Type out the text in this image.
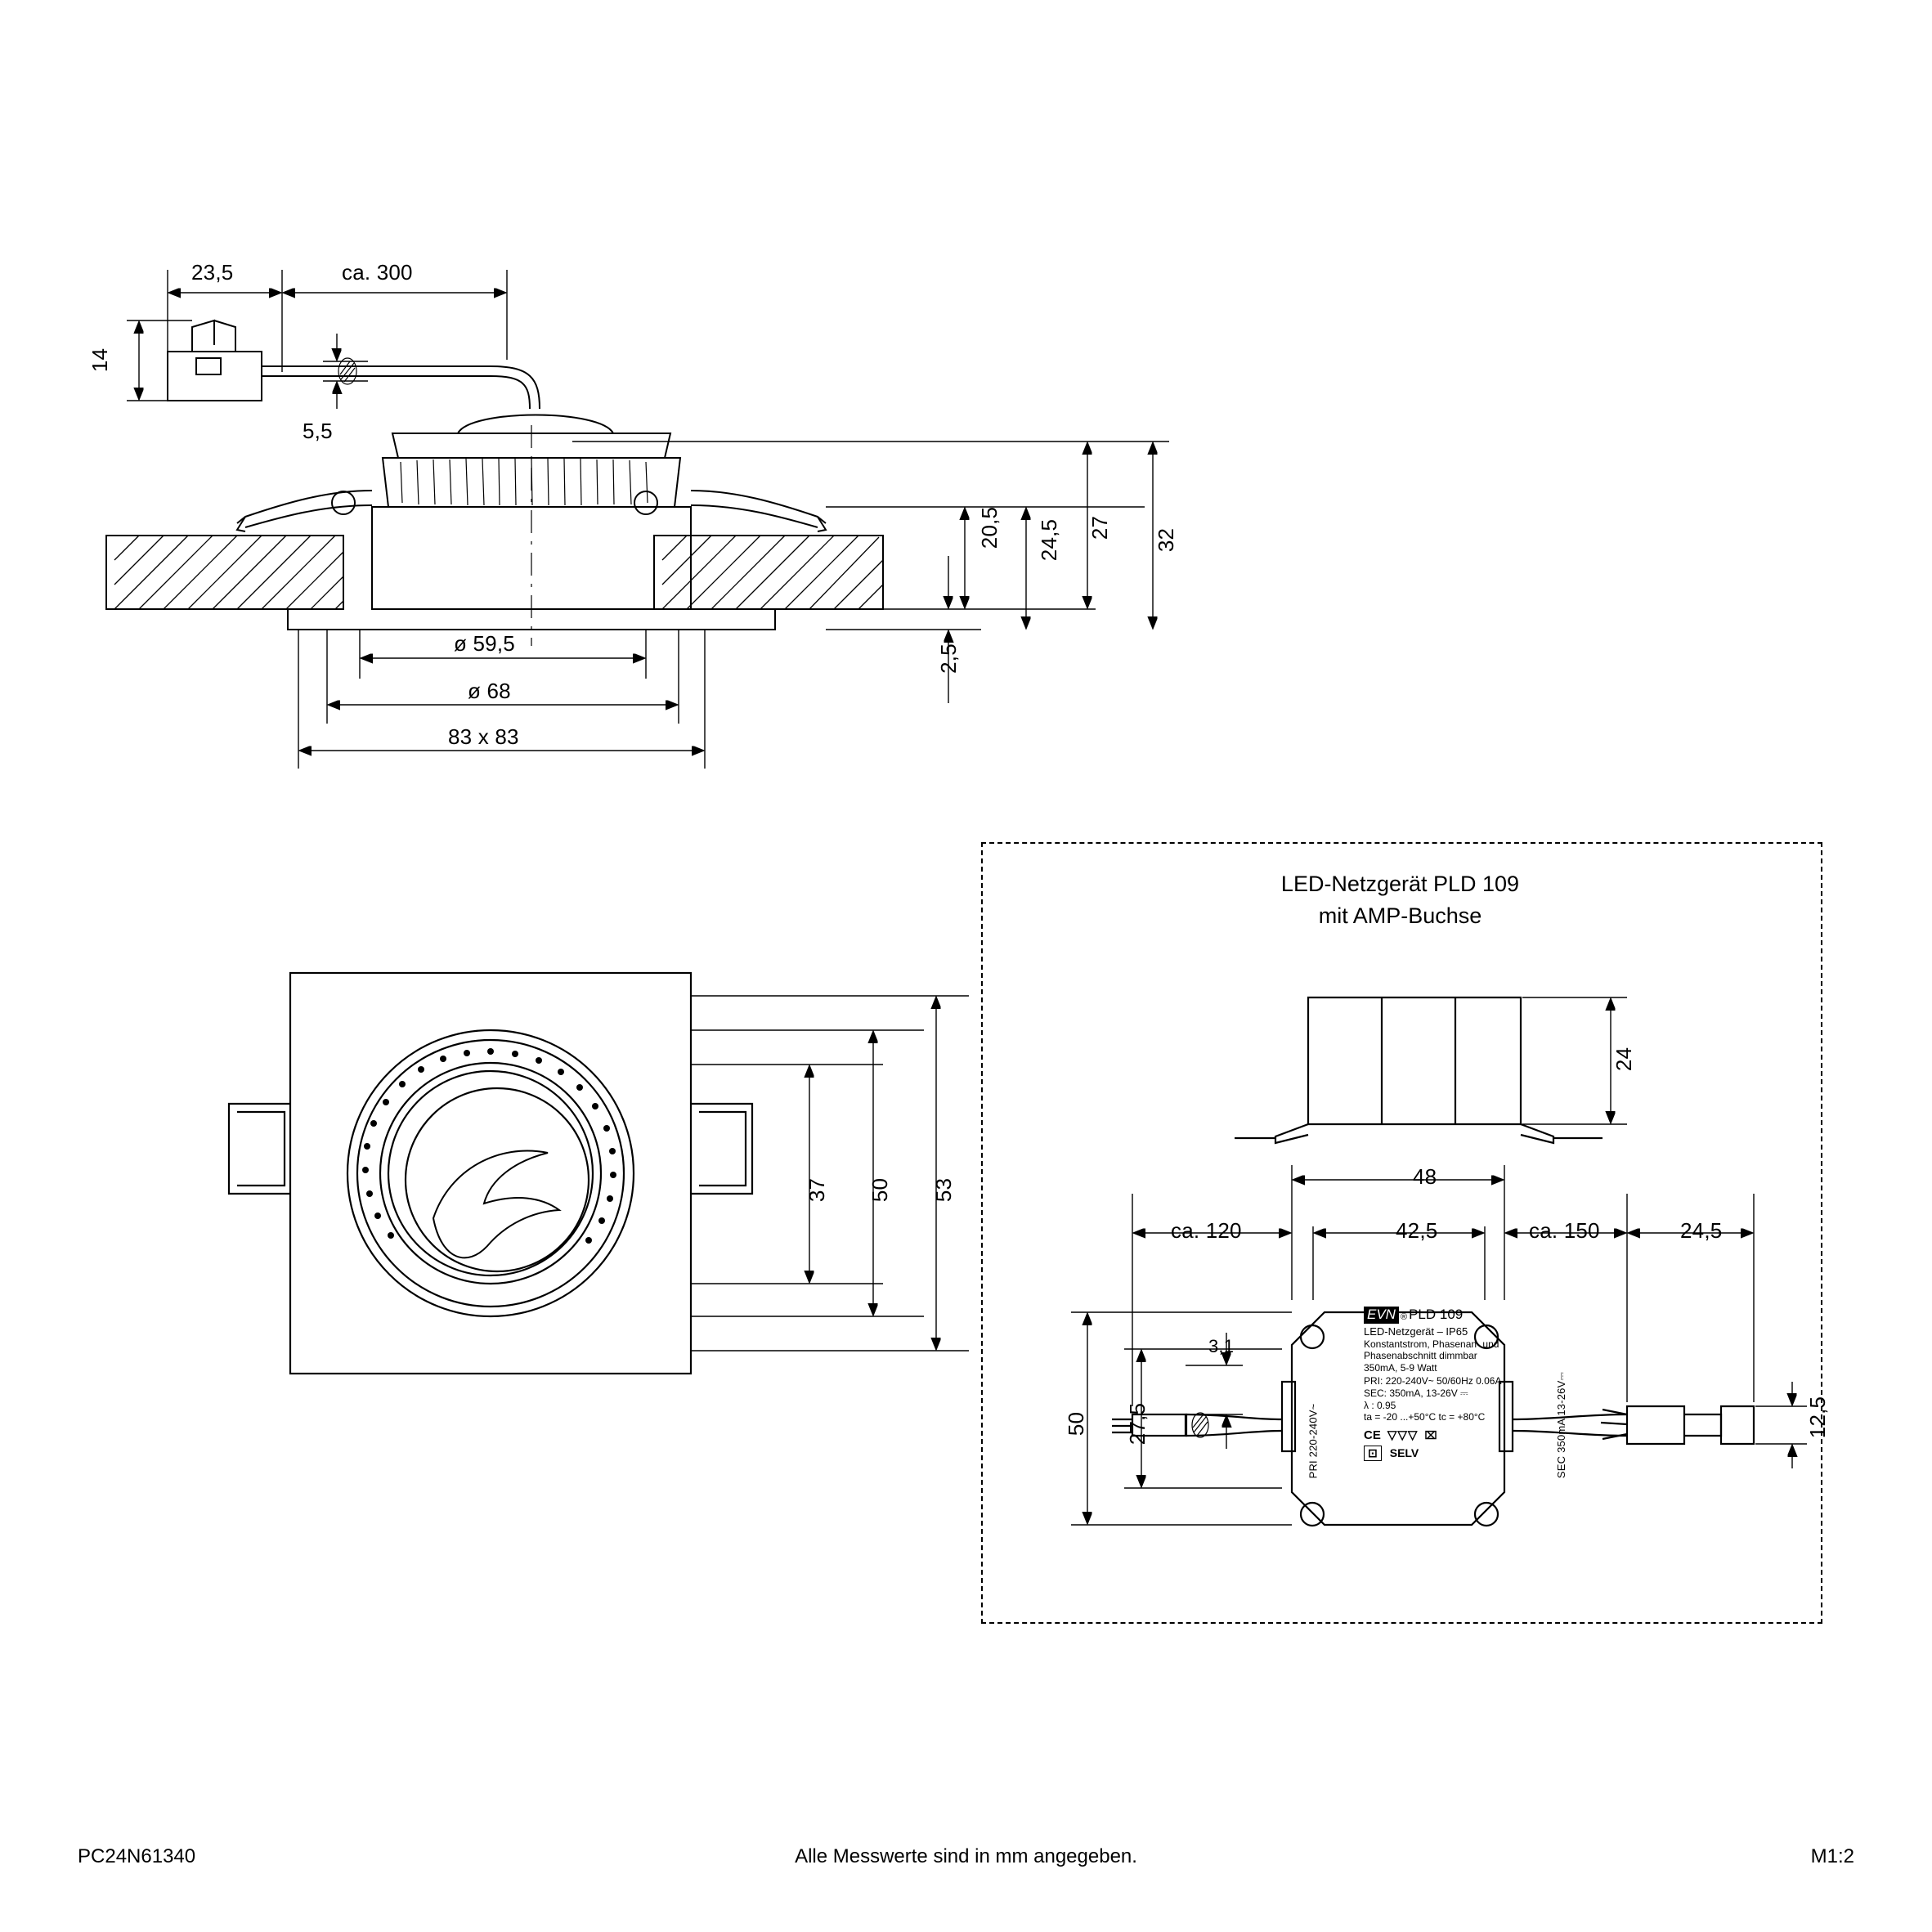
23,5	ca. 300
14
5,5
20,5 24,5 27
32
2,5
ø 59,5
ø 68
83 x 83
37 50 53
LED-Netzgerät PLD 109
mit AMP-Buchse
24
48
42,5
ca. 120	ca. 150	24,5
3,1
50 27,5	12,5
EVN ® PLD 109
LED-Netzgerät – IP65
Konstantstrom, Phasenan- und
Phasenabschnitt dimmbar
350mA, 5-9 Watt
PRI: 220-240V~ 50/60Hz 0.06A
SEC: 350mA, 13-26V ⎓
λ : 0.95
ta = -20 ...+50°C tc = +80°C
CE ▽▽▽ ⌧
⊡	SELV
PRI 220-240V~	SEC 350mA 13-26V⎓
PC24N61340	Alle Messwerte sind in mm angegeben.	M1:2
